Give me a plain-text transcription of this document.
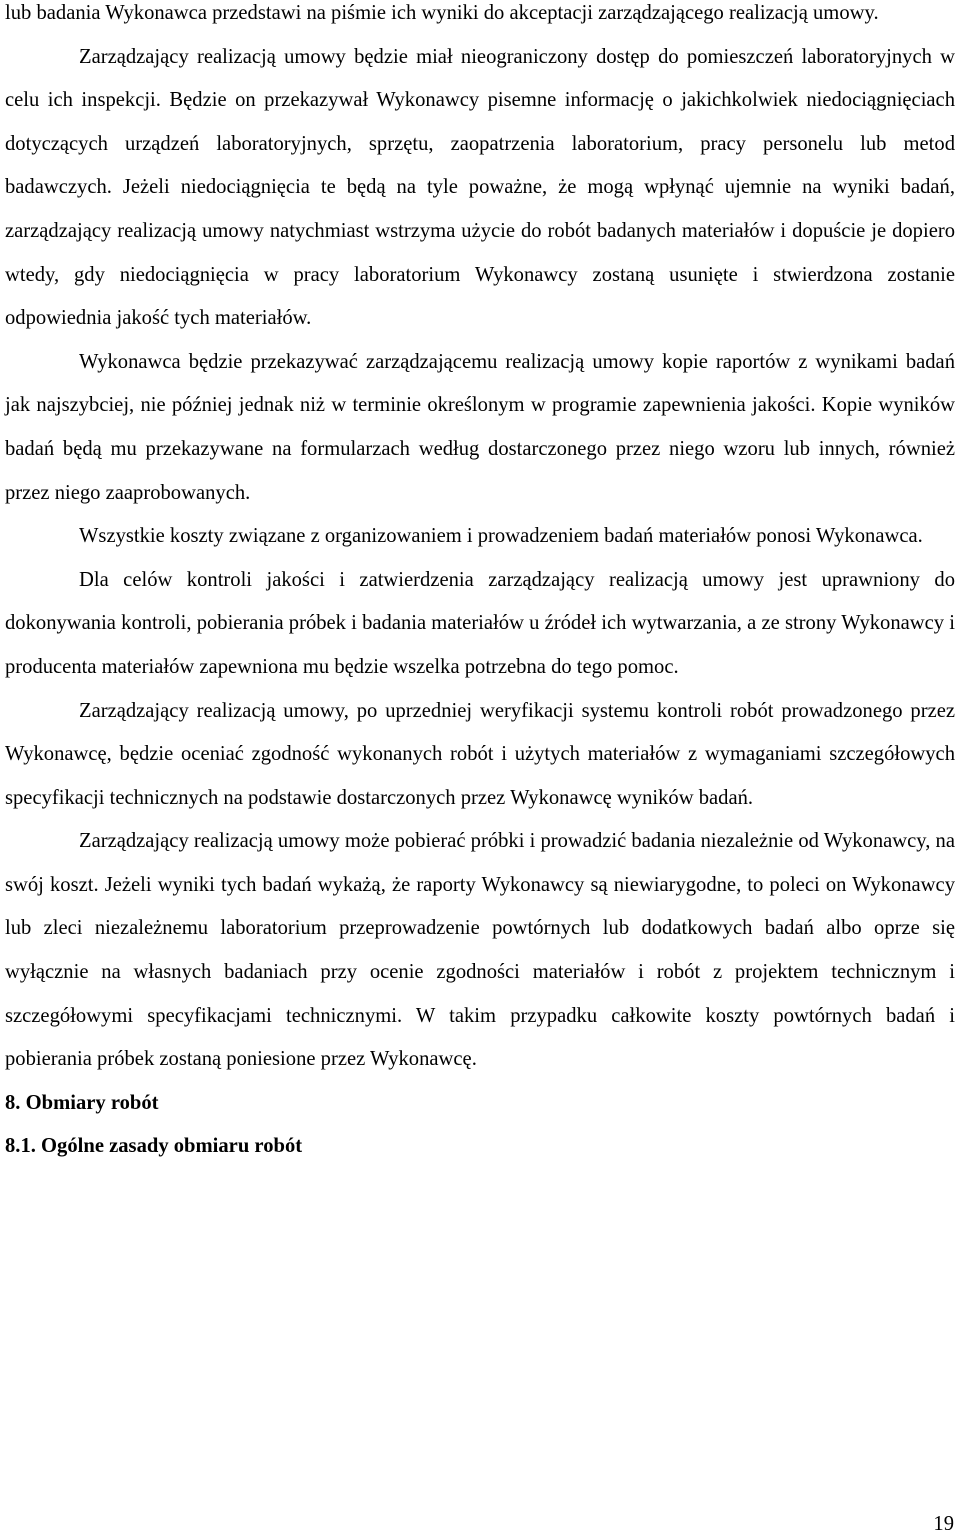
lub badania Wykonawca przedstawi na piśmie ich wyniki do akceptacji zarządzającego realizacją umowy.

Zarządzający realizacją umowy będzie miał nieograniczony dostęp do pomieszczeń laboratoryjnych w celu ich inspekcji. Będzie on przekazywał Wykonawcy pisemne informację o jakichkolwiek niedociągnięciach dotyczących urządzeń laboratoryjnych, sprzętu, zaopatrzenia laboratorium, pracy personelu lub metod badawczych. Jeżeli niedociągnięcia te będą na tyle poważne, że mogą wpłynąć ujemnie na wyniki badań, zarządzający realizacją umowy natychmiast wstrzyma użycie do robót badanych materiałów i dopuście je dopiero wtedy, gdy niedociągnięcia w pracy laboratorium Wykonawcy zostaną usunięte i stwierdzona zostanie odpowiednia jakość tych materiałów.

Wykonawca będzie przekazywać zarządzającemu realizacją umowy kopie raportów z wynikami badań jak najszybciej, nie później jednak niż w terminie określonym w programie zapewnienia jakości. Kopie wyników badań będą mu przekazywane na formularzach według dostarczonego przez niego wzoru lub innych, również przez niego zaaprobowanych.

Wszystkie koszty związane z organizowaniem i prowadzeniem badań materiałów ponosi Wykonawca.

Dla celów kontroli jakości i zatwierdzenia zarządzający realizacją umowy jest uprawniony do dokonywania kontroli, pobierania próbek i badania materiałów u źródeł ich wytwarzania, a ze strony Wykonawcy i producenta materiałów zapewniona mu będzie wszelka potrzebna do tego pomoc.

Zarządzający realizacją umowy, po uprzedniej weryfikacji systemu kontroli robót prowadzonego przez Wykonawcę, będzie oceniać zgodność wykonanych robót i użytych materiałów z wymaganiami szczegółowych specyfikacji technicznych na podstawie dostarczonych przez Wykonawcę wyników badań.

Zarządzający realizacją umowy może pobierać próbki i prowadzić badania niezależnie od Wykonawcy, na swój koszt. Jeżeli wyniki tych badań wykażą, że raporty Wykonawcy są niewiarygodne, to poleci on Wykonawcy lub zleci niezależnemu laboratorium przeprowadzenie powtórnych lub dodatkowych badań albo oprze się wyłącznie na własnych badaniach przy ocenie zgodności materiałów i robót z projektem technicznym i szczegółowymi specyfikacjami technicznymi. W takim przypadku całkowite koszty powtórnych badań i pobierania próbek zostaną poniesione przez Wykonawcę.

8. Obmiary robót
8.1. Ogólne zasady obmiaru robót
19
